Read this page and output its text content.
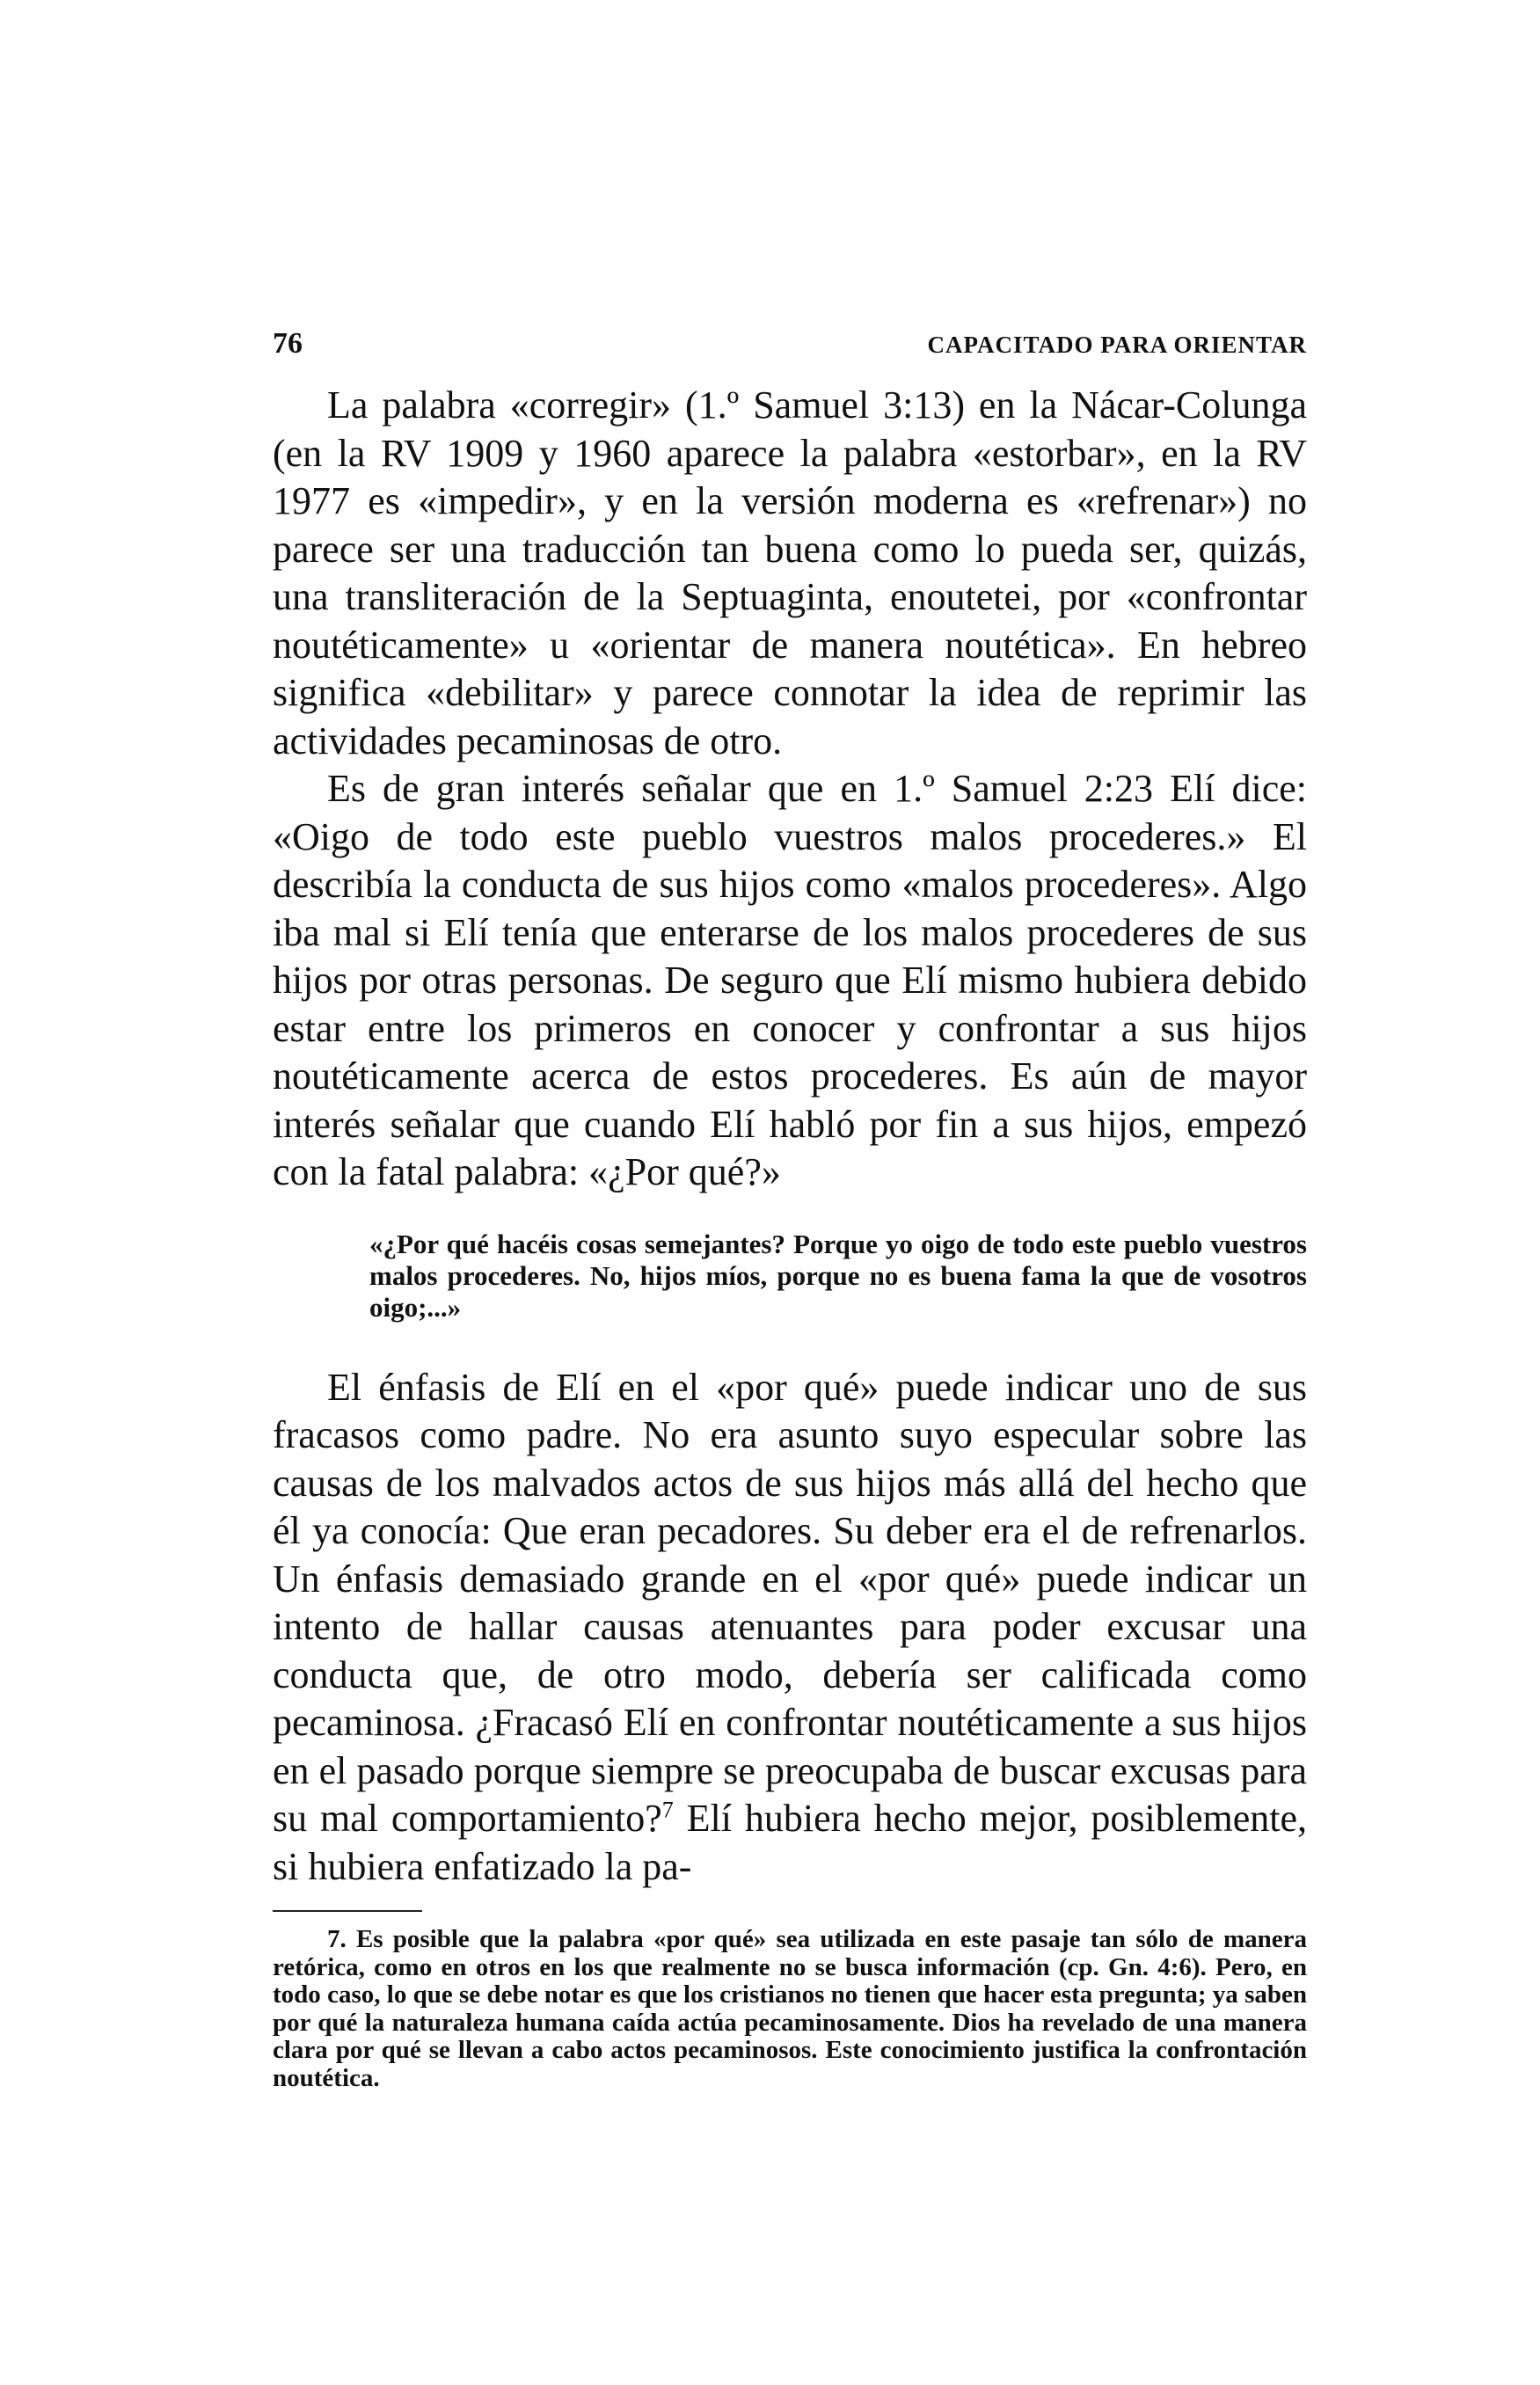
76	CAPACITADO PARA ORIENTAR

La palabra «corregir» (1.º Samuel 3:13) en la Nácar-Colunga (en la RV 1909 y 1960 aparece la palabra «estorbar», en la RV 1977 es «impedir», y en la versión moderna es «refrenar») no parece ser una traducción tan buena como lo pueda ser, quizás, una transliteración de la Septuaginta, enoutetei, por «confrontar noutéticamente» u «orientar de manera noutética». En hebreo significa «debilitar» y parece connotar la idea de reprimir las actividades pecaminosas de otro.

Es de gran interés señalar que en 1.º Samuel 2:23 Elí dice: «Oigo de todo este pueblo vuestros malos procederes.» El describía la conducta de sus hijos como «malos procederes». Algo iba mal si Elí tenía que enterarse de los malos procederes de sus hijos por otras personas. De seguro que Elí mismo hubiera debido estar entre los primeros en conocer y confrontar a sus hijos noutéticamente acerca de estos procederes. Es aún de mayor interés señalar que cuando Elí habló por fin a sus hijos, empezó con la fatal palabra: «¿Por qué?»

«¿Por qué hacéis cosas semejantes? Porque yo oigo de todo este pueblo vuestros malos procederes. No, hijos míos, porque no es buena fama la que de vosotros oigo;...»

El énfasis de Elí en el «por qué» puede indicar uno de sus fracasos como padre. No era asunto suyo especular sobre las causas de los malvados actos de sus hijos más allá del hecho que él ya conocía: Que eran pecadores. Su deber era el de refrenarlos. Un énfasis demasiado grande en el «por qué» puede indicar un intento de hallar causas atenuantes para poder excusar una conducta que, de otro modo, debería ser calificada como pecaminosa. ¿Fracasó Elí en confrontar noutéticamente a sus hijos en el pasado porque siempre se preocupaba de buscar excusas para su mal comportamiento?$^7$ Elí hubiera hecho mejor, posiblemente, si hubiera enfatizado la pa-

7. Es posible que la palabra «por qué» sea utilizada en este pasaje tan sólo de manera retórica, como en otros en los que realmente no se busca información (cp. Gn. 4:6). Pero, en todo caso, lo que se debe notar es que los cristianos no tienen que hacer esta pregunta; ya saben por qué la naturaleza humana caída actúa pecaminosamente. Dios ha revelado de una manera clara por qué se llevan a cabo actos pecaminosos. Este conocimiento justifica la confrontación noutética.
